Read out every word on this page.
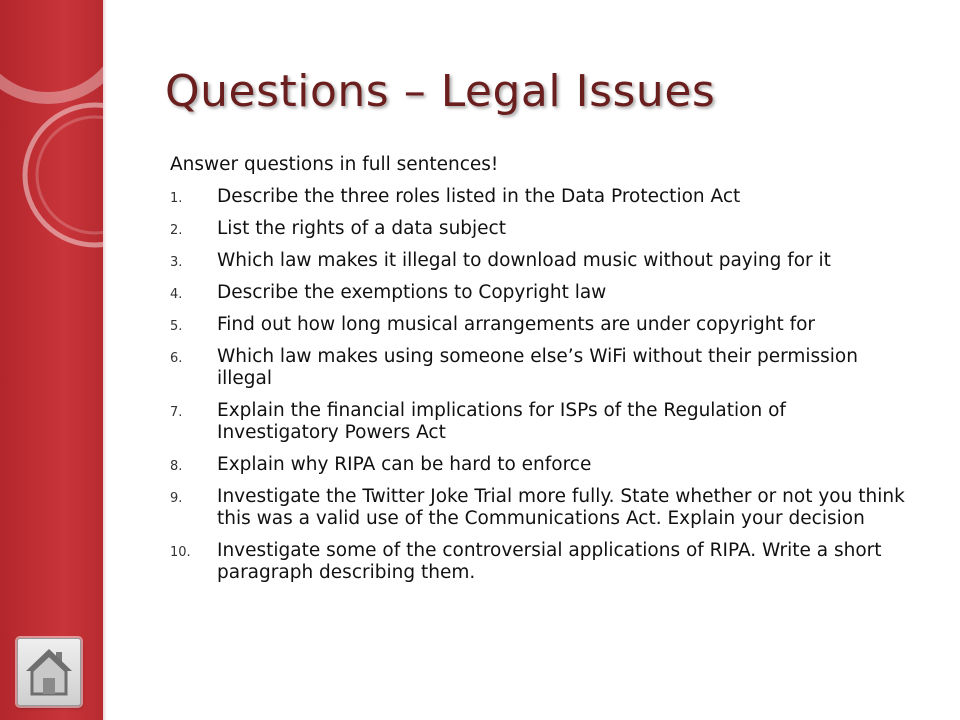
Questions – Legal Issues

Answer questions in full sentences!

1. Describe the three roles listed in the Data Protection Act
2. List the rights of a data subject
3. Which law makes it illegal to download music without paying for it
4. Describe the exemptions to Copyright law
5. Find out how long musical arrangements are under copyright for
6. Which law makes using someone else’s WiFi without their permission illegal
7. Explain the financial implications for ISPs of the Regulation of Investigatory Powers Act
8. Explain why RIPA can be hard to enforce
9. Investigate the Twitter Joke Trial more fully. State whether or not you think this was a valid use of the Communications Act. Explain your decision
10. Investigate some of the controversial applications of RIPA. Write a short paragraph describing them.
